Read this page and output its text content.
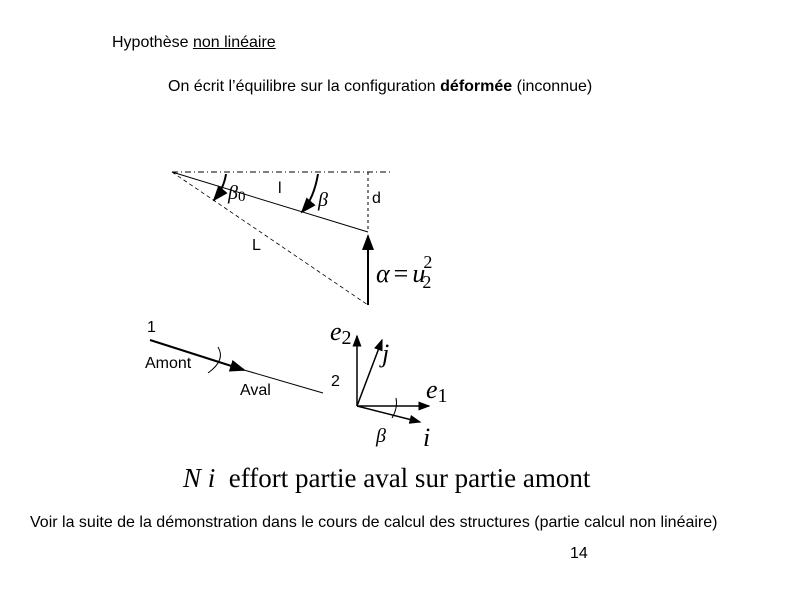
Hypothèse non linéaire
On écrit l’équilibre sur la configuration déformée (inconnue)
β0 l
β	d
L
α = u2 2
1
Amont
Aval
2
e2
j
e1
i
β
N i effort partie aval sur partie amont
Voir la suite de la démonstration dans le cours de calcul des structures (partie calcul non linéaire)
14
